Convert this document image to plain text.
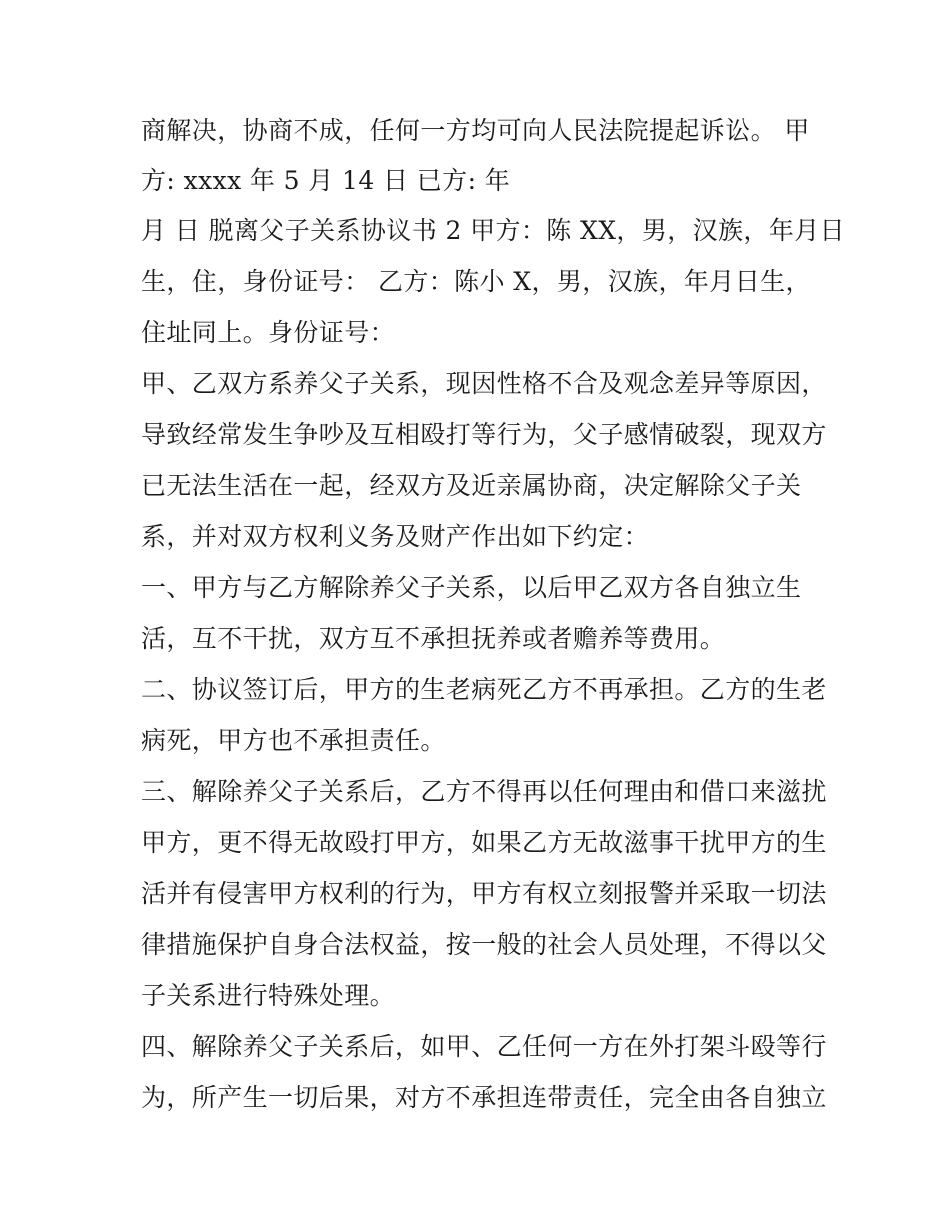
商解决，协商不成，任何一方均可向人民法院提起诉讼。 甲
方: xxxx 年 5 月 14 日 已方: 年
月 日 脱离父子关系协议书 2 甲方：陈 XX，男，汉族，年月日
生，住，身份证号： 乙方：陈小 X，男，汉族，年月日生，
住址同上。身份证号：
甲、乙双方系养父子关系，现因性格不合及观念差异等原因，
导致经常发生争吵及互相殴打等行为，父子感情破裂，现双方
已无法生活在一起，经双方及近亲属协商，决定解除父子关
系，并对双方权利义务及财产作出如下约定：
一、甲方与乙方解除养父子关系，以后甲乙双方各自独立生
活，互不干扰，双方互不承担抚养或者赡养等费用。
二、协议签订后，甲方的生老病死乙方不再承担。乙方的生老
病死，甲方也不承担责任。
三、解除养父子关系后，乙方不得再以任何理由和借口来滋扰
甲方，更不得无故殴打甲方，如果乙方无故滋事干扰甲方的生
活并有侵害甲方权利的行为，甲方有权立刻报警并采取一切法
律措施保护自身合法权益，按一般的社会人员处理，不得以父
子关系进行特殊处理。
四、解除养父子关系后，如甲、乙任何一方在外打架斗殴等行
为，所产生一切后果，对方不承担连带责任，完全由各自独立
